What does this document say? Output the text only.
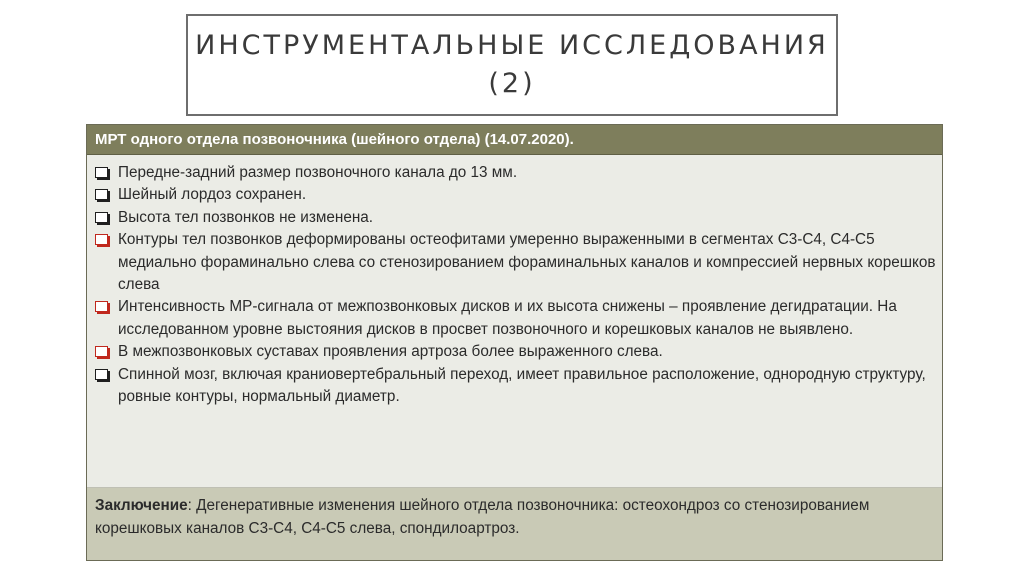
ИНСТРУМЕНТАЛЬНЫЕ ИССЛЕДОВАНИЯ
(2)
МРТ одного отдела позвоночника (шейного отдела) (14.07.2020).
Передне-задний размер позвоночного канала до 13 мм.
Шейный лордоз сохранен.
Высота тел позвонков не изменена.
Контуры тел позвонков деформированы остеофитами умеренно выраженными в сегментах С3-С4, С4-С5 медиально фораминально слева со стенозированием фораминальных каналов и компрессией нервных корешков слева
Интенсивность МР-сигнала от межпозвонковых дисков и их высота снижены – проявление дегидратации. На исследованном уровне выстояния дисков в просвет позвоночного и корешковых каналов не выявлено.
В межпозвонковых суставах проявления артроза более выраженного слева.
Спинной мозг, включая краниовертебральный переход, имеет правильное расположение, однородную структуру, ровные контуры, нормальный диаметр.
Заключение: Дегенеративные изменения шейного отдела позвоночника: остеохондроз со стенозированием корешковых каналов С3-С4, С4-С5 слева, спондилоартроз.
